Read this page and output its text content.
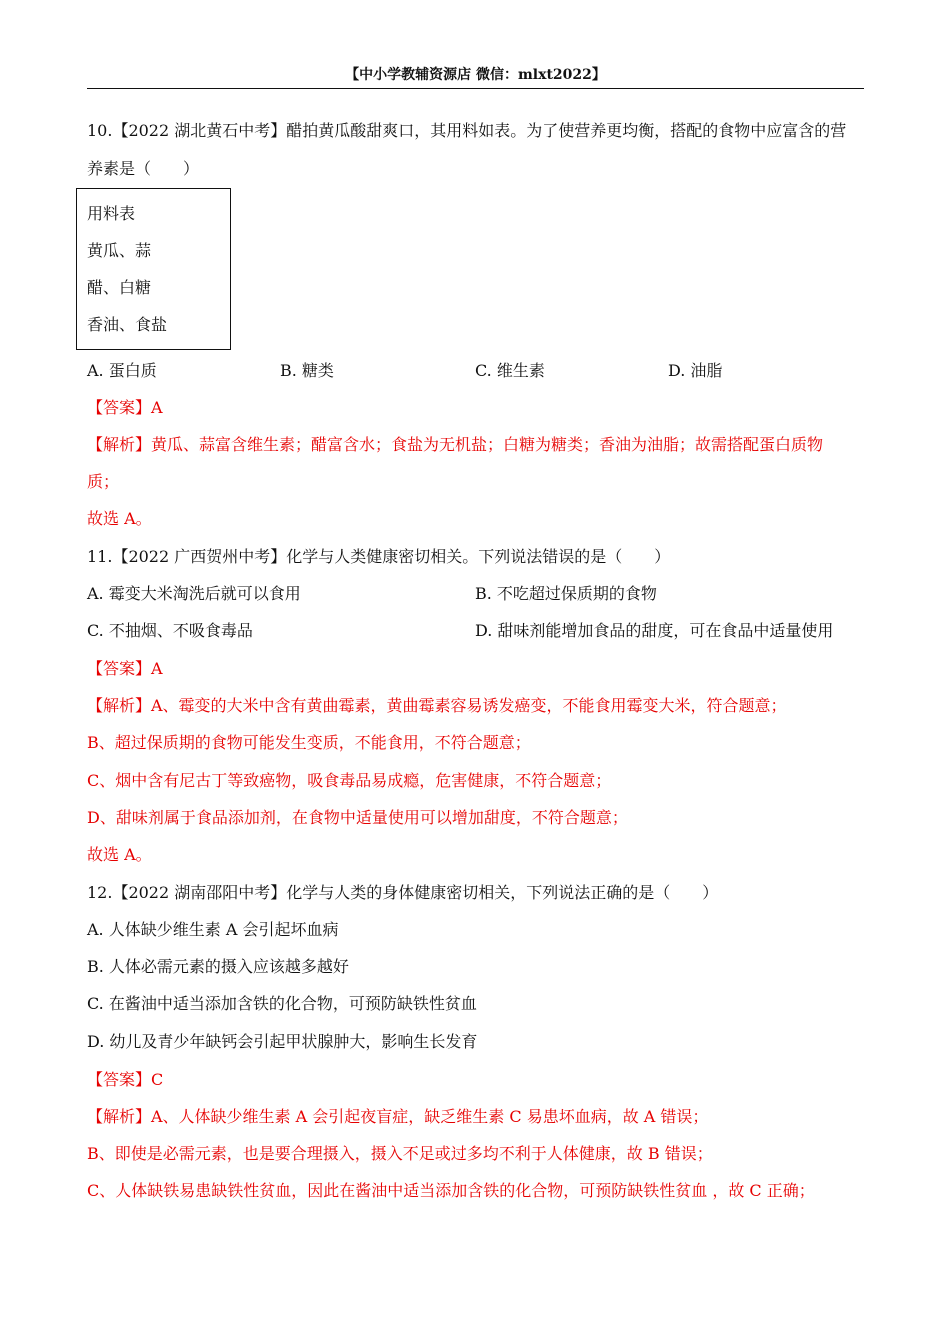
【中小学教辅资源店 微信：mlxt2022】
10.【2022 湖北黄石中考】醋拍黄瓜酸甜爽口，其用料如表。为了使营养更均衡，搭配的食物中应富含的营
养素是（　　）
用料表
黄瓜、蒜
醋、白糖
香油、食盐
A. 蛋白质	B. 糖类	C. 维生素	D. 油脂
【答案】A
【解析】黄瓜、蒜富含维生素；醋富含水；食盐为无机盐；白糖为糖类；香油为油脂；故需搭配蛋白质物
质；
故选 A。
11.【2022 广西贺州中考】化学与人类健康密切相关。下列说法错误的是（　　）
A. 霉变大米淘洗后就可以食用	B. 不吃超过保质期的食物
C. 不抽烟、不吸食毒品	D. 甜味剂能增加食品的甜度，可在食品中适量使用
【答案】A
【解析】A、霉变的大米中含有黄曲霉素，黄曲霉素容易诱发癌变，不能食用霉变大米，符合题意；
B、超过保质期的食物可能发生变质，不能食用，不符合题意；
C、烟中含有尼古丁等致癌物，吸食毒品易成瘾，危害健康，不符合题意；
D、甜味剂属于食品添加剂，在食物中适量使用可以增加甜度，不符合题意；
故选 A。
12.【2022 湖南邵阳中考】化学与人类的身体健康密切相关，下列说法正确的是（　　）
A. 人体缺少维生素 A 会引起坏血病
B. 人体必需元素的摄入应该越多越好
C. 在酱油中适当添加含铁的化合物，可预防缺铁性贫血
D. 幼儿及青少年缺钙会引起甲状腺肿大，影响生长发育
【答案】C
【解析】A、人体缺少维生素 A 会引起夜盲症，缺乏维生素 C 易患坏血病，故 A 错误；
B、即使是必需元素，也是要合理摄入，摄入不足或过多均不利于人体健康，故 B 错误；
C、人体缺铁易患缺铁性贫血，因此在酱油中适当添加含铁的化合物，可预防缺铁性贫血 ，故 C 正确；
